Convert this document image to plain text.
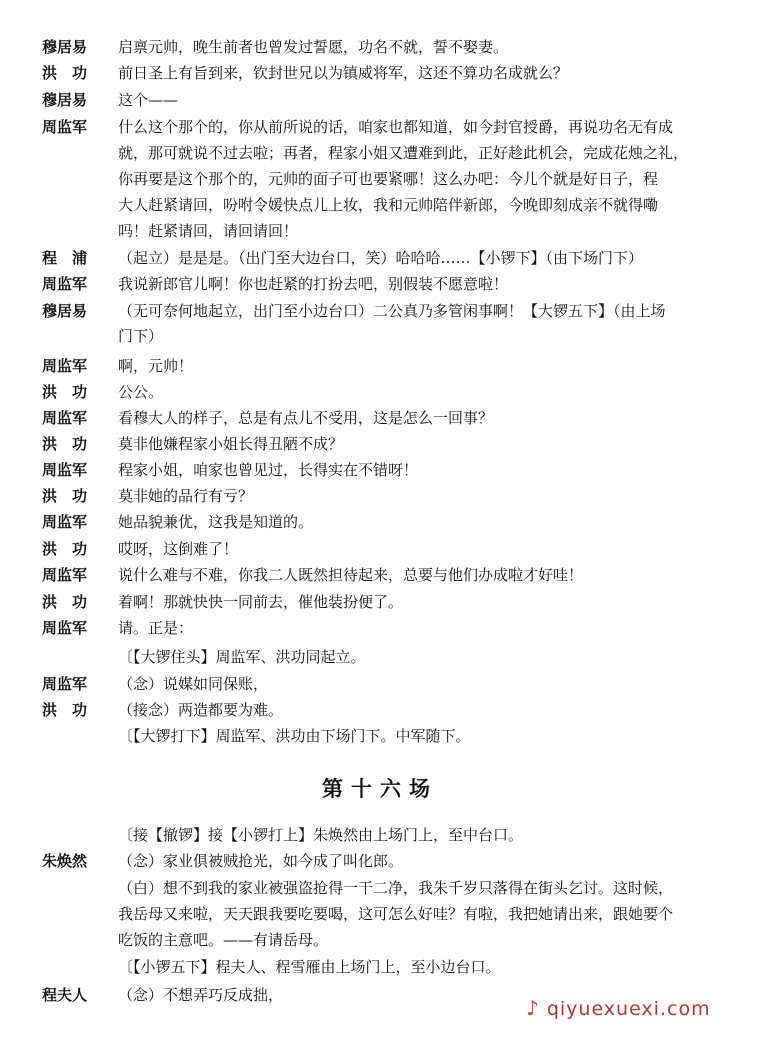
穆居易	启禀元帅，晚生前者也曾发过誓愿，功名不就，誓不娶妻。
洪　功	前日圣上有旨到来，钦封世兄以为镇威将军，这还不算功名成就么？
穆居易	这个——
周监军	什么这个那个的，你从前所说的话，咱家也都知道，如今封官授爵，再说功名无有成
就，那可就说不过去啦；再者，程家小姐又遭难到此，正好趁此机会，完成花烛之礼，
你再要是这个那个的，元帅的面子可也要紧哪！这么办吧：今儿个就是好日子，程
大人赶紧请回，吩咐令媛快点儿上妆，我和元帅陪伴新郎，今晚即刻成亲不就得嘞
吗！赶紧请回，请回请回！
程　浦	（起立）是是是。（出门至大边台口，笑）哈哈哈……【小锣下】（由下场门下）
周监军	我说新郎官儿啊！你也赶紧的打扮去吧，别假装不愿意啦！
穆居易	（无可奈何地起立，出门至小边台口）二公真乃多管闲事啊！【大锣五下】（由上场
门下）
周监军	啊，元帅！
洪　功	公公。
周监军	看穆大人的样子，总是有点儿不受用，这是怎么一回事？
洪　功	莫非他嫌程家小姐长得丑陋不成？
周监军	程家小姐，咱家也曾见过，长得实在不错呀！
洪　功	莫非她的品行有亏？
周监军	她品貌兼优，这我是知道的。
洪　功	哎呀，这倒难了！
周监军	说什么难与不难，你我二人既然担待起来，总要与他们办成啦才好哇！
洪　功	着啊！那就快快一同前去，催他装扮便了。
周监军	请。正是：
〔【大锣住头】周监军、洪功同起立。
周监军	（念）说媒如同保账，
洪　功	（接念）两造都要为难。
〔【大锣打下】周监军、洪功由下场门下。中军随下。
第十六场
〔接【撤锣】接【小锣打上】朱焕然由上场门上，至中台口。
朱焕然	（念）家业俱被贼抢光，如今成了叫化郎。
（白）想不到我的家业被强盗抢得一干二净，我朱千岁只落得在街头乞讨。这时候，
我岳母又来啦，天天跟我要吃要喝，这可怎么好哇？有啦，我把她请出来，跟她要个
吃饭的主意吧。——有请岳母。
〔【小锣五下】程夫人、程雪雁由上场门上，至小边台口。
程夫人	（念）不想弄巧反成拙，
♪ qiyuexuexi.com
